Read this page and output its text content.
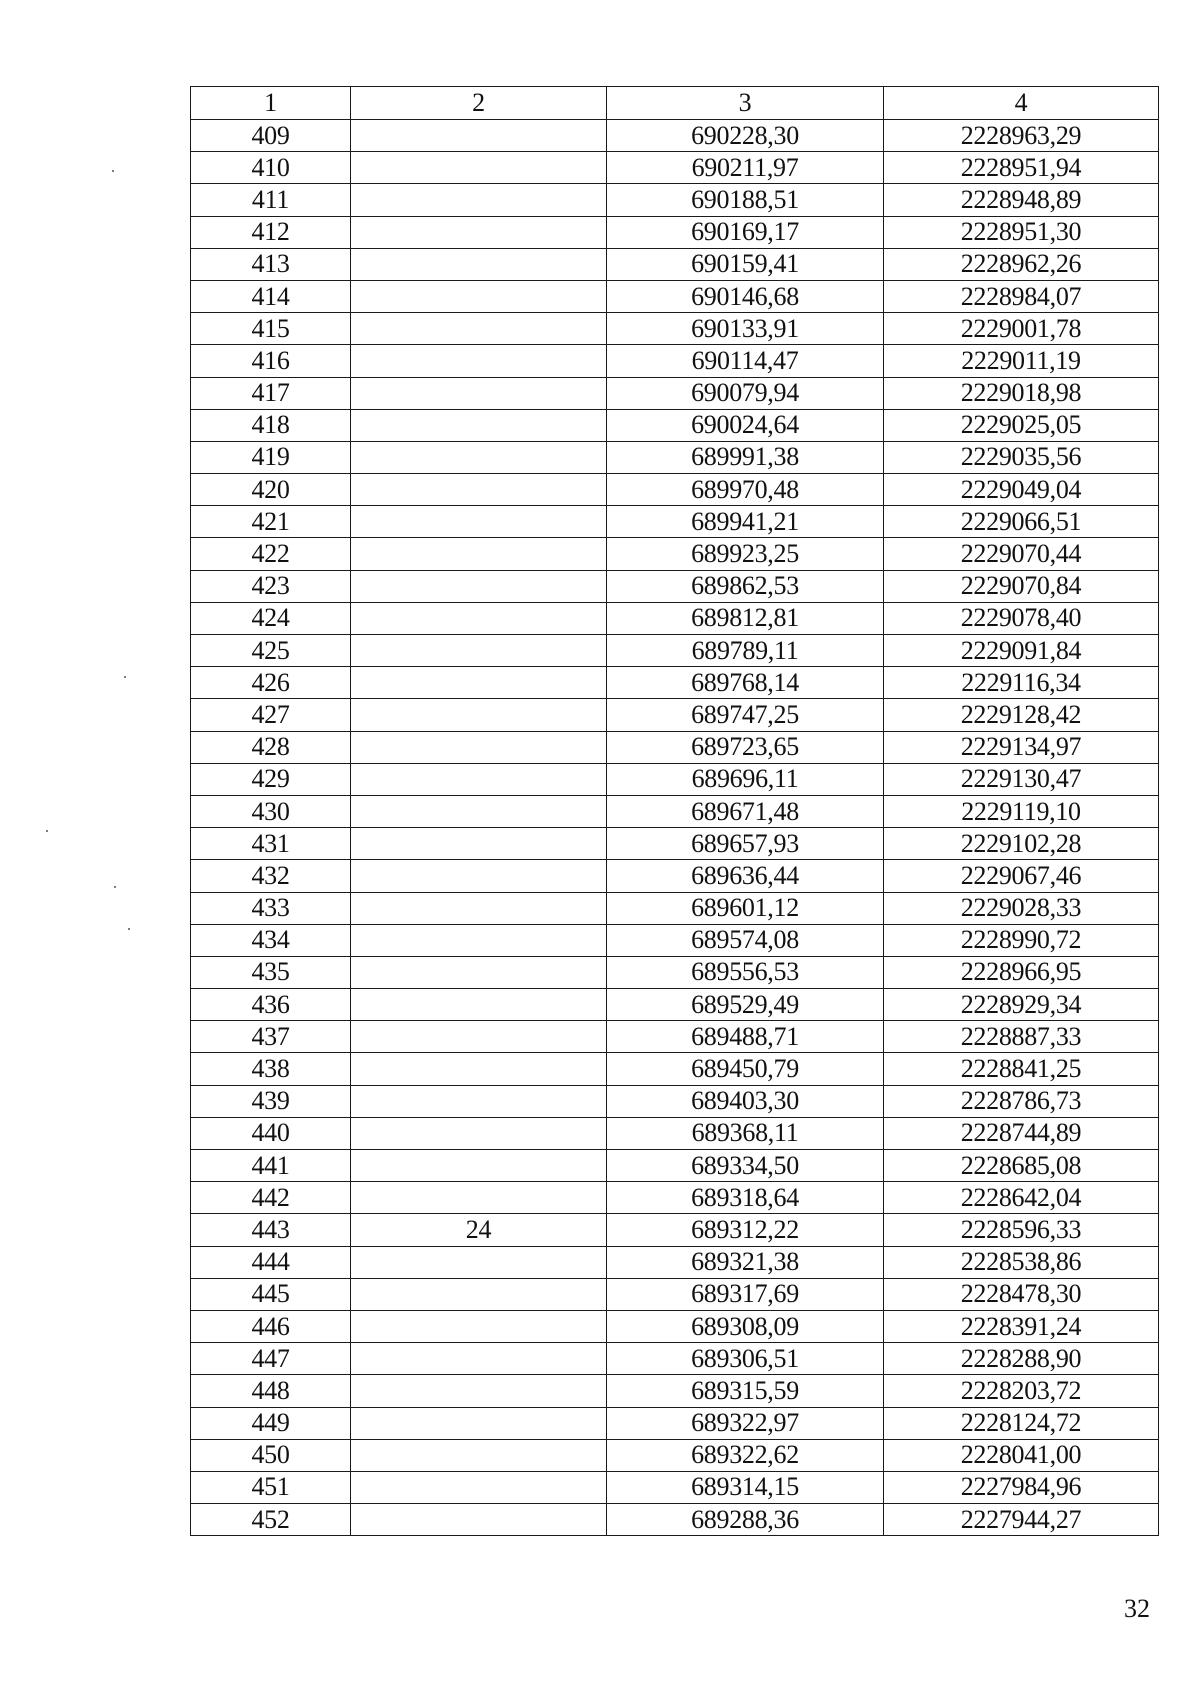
1	2	3	4
409		690228,30	2228963,29
410		690211,97	2228951,94
411		690188,51	2228948,89
412		690169,17	2228951,30
413		690159,41	2228962,26
414		690146,68	2228984,07
415		690133,91	2229001,78
416		690114,47	2229011,19
417		690079,94	2229018,98
418		690024,64	2229025,05
419		689991,38	2229035,56
420		689970,48	2229049,04
421		689941,21	2229066,51
422		689923,25	2229070,44
423		689862,53	2229070,84
424		689812,81	2229078,40
425		689789,11	2229091,84
426		689768,14	2229116,34
427		689747,25	2229128,42
428		689723,65	2229134,97
429		689696,11	2229130,47
430		689671,48	2229119,10
431		689657,93	2229102,28
432		689636,44	2229067,46
433		689601,12	2229028,33
434		689574,08	2228990,72
435		689556,53	2228966,95
436		689529,49	2228929,34
437		689488,71	2228887,33
438		689450,79	2228841,25
439		689403,30	2228786,73
440		689368,11	2228744,89
441		689334,50	2228685,08
442		689318,64	2228642,04
443	24	689312,22	2228596,33
444		689321,38	2228538,86
445		689317,69	2228478,30
446		689308,09	2228391,24
447		689306,51	2228288,90
448		689315,59	2228203,72
449		689322,97	2228124,72
450		689322,62	2228041,00
451		689314,15	2227984,96
452		689288,36	2227944,27
32
